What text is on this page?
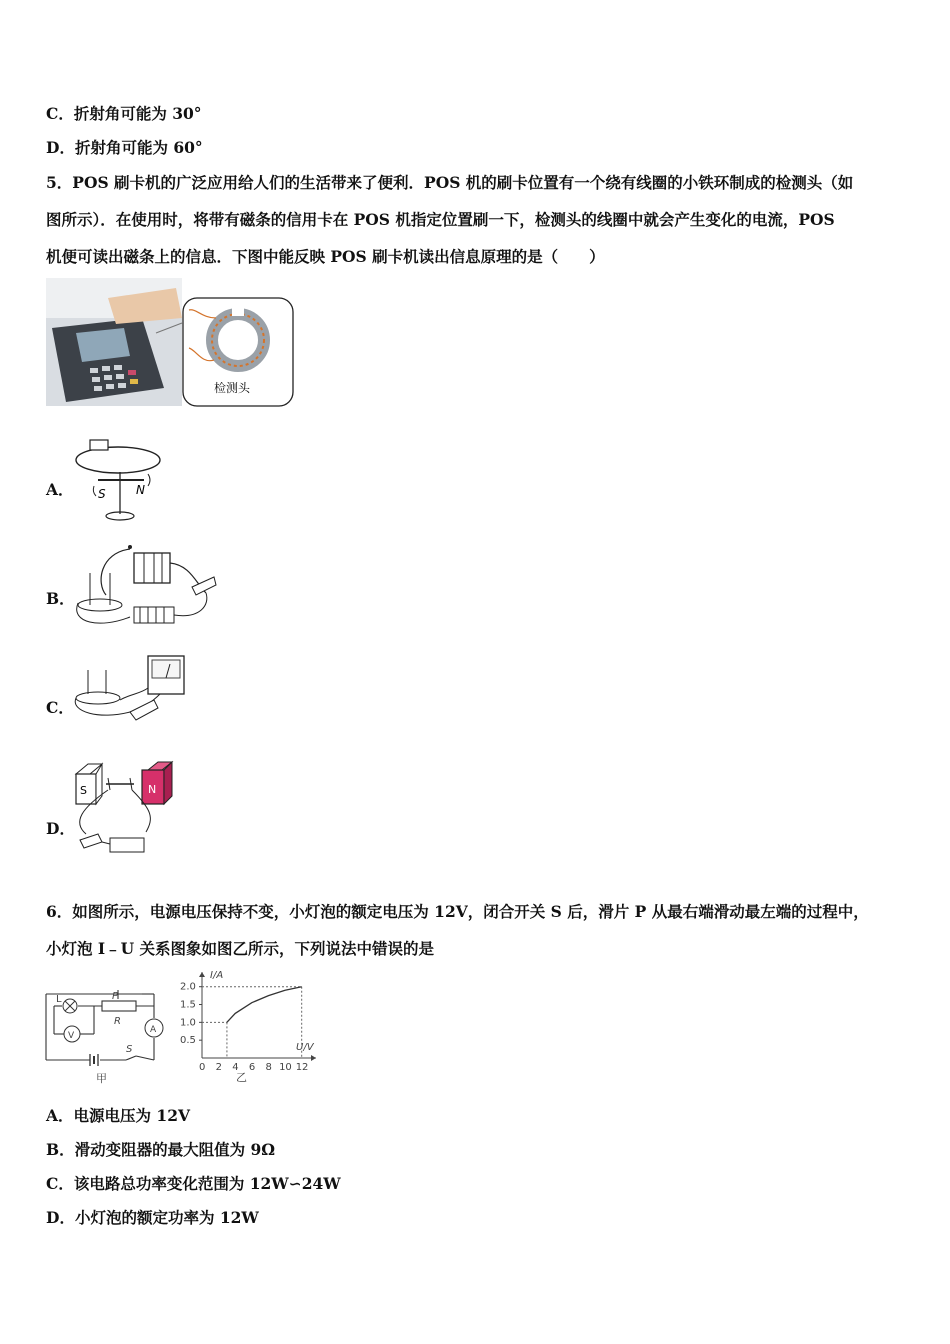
C．折射角可能为 30°
D．折射角可能为 60°
5．POS 刷卡机的广泛应用给人们的生活带来了便利．POS 机的刷卡位置有一个绕有线圈的小铁环制成的检测头（如
图所示）．在使用时，将带有磁条的信用卡在 POS 机指定位置刷一下，检测头的线圈中就会产生变化的电流，POS
机便可读出磁条上的信息．下图中能反映 POS 刷卡机读出信息原理的是（　　）
检测头
A． S	N
B．
C．
D．
S	N
6．如图所示，电源电压保持不变，小灯泡的额定电压为 12V，闭合开关 S 后，滑片 P 从最右端滑动最左端的过程中，
小灯泡 I﹣U 关系图象如图乙所示，下列说法中错误的是
L
V
A
P
R
S
甲
I/A
U/V
乙
0 2 4 6 8 10 12
0.5
1.0
1.5
2.0
A．电源电压为 12V
B．滑动变阻器的最大阻值为 9Ω
C．该电路总功率变化范围为 12W∽24W
D．小灯泡的额定功率为 12W
